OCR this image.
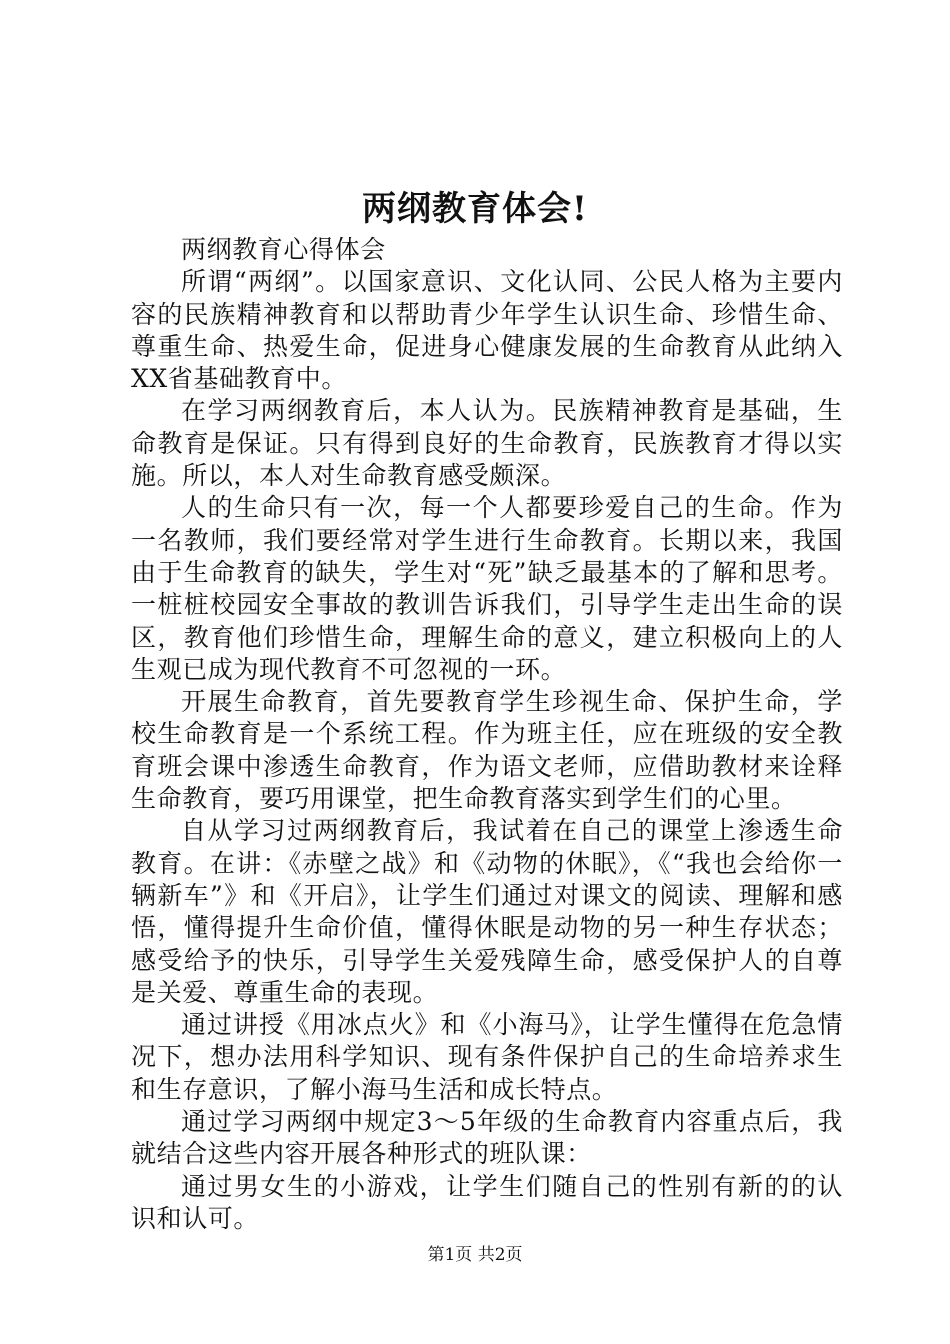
两纲教育体会!

两纲教育心得体会

所谓“两纲”。以国家意识、文化认同、公民人格为主要内容的民族精神教育和以帮助青少年学生认识生命、珍惜生命、尊重生命、热爱生命，促进身心健康发展的生命教育从此纳入XX省基础教育中。

在学习两纲教育后，本人认为。民族精神教育是基础，生命教育是保证。只有得到良好的生命教育，民族教育才得以实施。所以，本人对生命教育感受颇深。

人的生命只有一次，每一个人都要珍爱自己的生命。作为一名教师，我们要经常对学生进行生命教育。长期以来，我国由于生命教育的缺失，学生对“死”缺乏最基本的了解和思考。一桩桩校园安全事故的教训告诉我们，引导学生走出生命的误区，教育他们珍惜生命，理解生命的意义，建立积极向上的人生观已成为现代教育不可忽视的一环。

开展生命教育，首先要教育学生珍视生命、保护生命，学校生命教育是一个系统工程。作为班主任，应在班级的安全教育班会课中渗透生命教育，作为语文老师，应借助教材来诠释生命教育，要巧用课堂，把生命教育落实到学生们的心里。

自从学习过两纲教育后，我试着在自己的课堂上渗透生命教育。在讲：《赤壁之战》和《动物的休眠》，《“我也会给你一辆新车”》和《开启》，让学生们通过对课文的阅读、理解和感悟，懂得提升生命价值，懂得休眠是动物的另一种生存状态；感受给予的快乐，引导学生关爱残障生命，感受保护人的自尊是关爱、尊重生命的表现。

通过讲授《用冰点火》和《小海马》，让学生懂得在危急情况下，想办法用科学知识、现有条件保护自己的生命培养求生和生存意识，了解小海马生活和成长特点。

通过学习两纲中规定3～5年级的生命教育内容重点后，我就结合这些内容开展各种形式的班队课：

通过男女生的小游戏，让学生们随自己的性别有新的的认识和认可。

第1页 共2页
